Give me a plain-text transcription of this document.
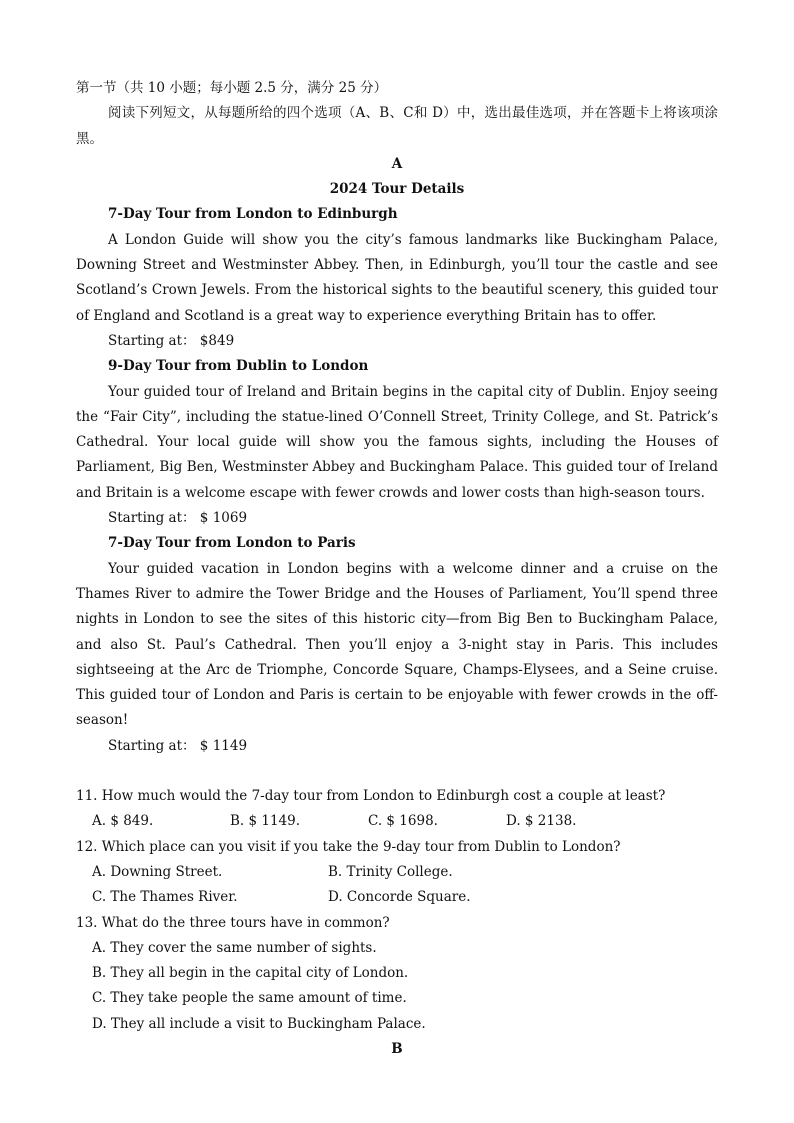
第一节（共 10 小题；每小题 2.5 分，满分 25 分）

阅读下列短文，从每题所给的四个选项（A、B、C和 D）中，选出最佳选项，并在答题卡上将该项涂黑。

A

2024 Tour Details

7-Day Tour from London to Edinburgh

A London Guide will show you the city’s famous landmarks like Buckingham Palace, Downing Street and Westminster Abbey. Then, in Edinburgh, you’ll tour the castle and see Scotland’s Crown Jewels. From the historical sights to the beautiful scenery, this guided tour of England and Scotland is a great way to experience everything Britain has to offer.

Starting at： $849

9-Day Tour from Dublin to London

Your guided tour of Ireland and Britain begins in the capital city of Dublin. Enjoy seeing the “Fair City”, including the statue-lined O’Connell Street, Trinity College, and St. Patrick’s Cathedral. Your local guide will show you the famous sights, including the Houses of Parliament, Big Ben, Westminster Abbey and Buckingham Palace. This guided tour of Ireland and Britain is a welcome escape with fewer crowds and lower costs than high-season tours.

Starting at： $ 1069

7-Day Tour from London to Paris

Your guided vacation in London begins with a welcome dinner and a cruise on the Thames River to admire the Tower Bridge and the Houses of Parliament, You’ll spend three nights in London to see the sites of this historic city—from Big Ben to Buckingham Palace, and also St. Paul’s Cathedral. Then you’ll enjoy a 3-night stay in Paris. This includes sightseeing at the Arc de Triomphe, Concorde Square, Champs-Elysees, and a Seine cruise. This guided tour of London and Paris is certain to be enjoyable with fewer crowds in the off-season!

Starting at： $ 1149

11. How much would the 7-day tour from London to Edinburgh cost a couple at least?

A. $ 849.	B. $ 1149.	C. $ 1698.	D. $ 2138.

12. Which place can you visit if you take the 9-day tour from Dublin to London?

A. Downing Street.	B. Trinity College.
C. The Thames River.	D. Concorde Square.

13. What do the three tours have in common?

A. They cover the same number of sights.

B. They all begin in the capital city of London.

C. They take people the same amount of time.

D. They all include a visit to Buckingham Palace.

B
